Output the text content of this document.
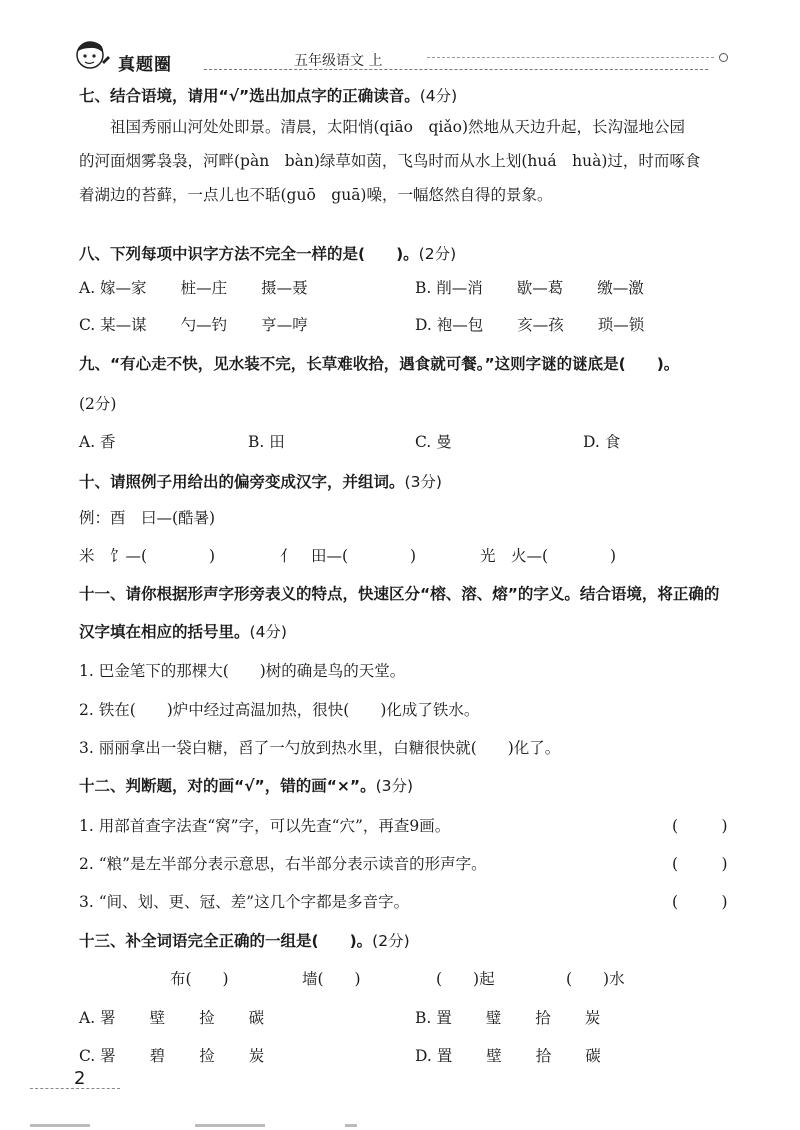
真题圈	五年级语文 上
七、结合语境，请用“√”选出加点字的正确读音。(4分)
　　祖国秀丽山河处处即景。清晨，太阳悄(qiāo　qiǎo)然地从天边升起，长沟湿地公园
的河面烟雾袅袅，河畔(pàn　bàn)绿草如茵，飞鸟时而从水上划(huá　huà)过，时而啄食
着湖边的苔藓，一点儿也不聒(guō　guā)噪，一幅悠然自得的景象。
八、下列每项中识字方法不完全一样的是(　　)。(2分)
A. 嫁—家 桩—庄 摄—聂	B. 削—消 歇—葛 缴—激
C. 某—谋 勺—钓 亨—哼	D. 袍—包 亥—孩 琐—锁
九、“有心走不快，见水装不完，长草难收拾，遇食就可餐。”这则字谜的谜底是(　　)。
(2分)
A. 香	B. 田	C. 曼	D. 食
十、请照例子用给出的偏旁变成汉字，并组词。(3分)
例：酉　曰—(酷暑)
米　饣—(　　　　)	亻　田—(　　　　)	光　火—(　　　　)
十一、请你根据形声字形旁表义的特点，快速区分“榕、溶、熔”的字义。结合语境，将正确的
汉字填在相应的括号里。(4分)
1. 巴金笔下的那棵大(　　)树的确是鸟的天堂。
2. 铁在(　　)炉中经过高温加热，很快(　　)化成了铁水。
3. 丽丽拿出一袋白糖，舀了一勺放到热水里，白糖很快就(　　)化了。
十二、判断题，对的画“√”，错的画“×”。(3分)
1. 用部首查字法查“窝”字，可以先查“穴”，再查9画。	(　)
2. “粮”是左半部分表示意思，右半部分表示读音的形声字。	(　)
3. “间、划、更、冠、差”这几个字都是多音字。	(　)
十三、补全词语完全正确的一组是(　　)。(2分)
布(　　)	墙(　　)	(　　)起	(　　)水
A. 署 壁 捡 碳	B. 置 璧 拾 炭
C. 署 碧 捡 炭	D. 置 壁 拾 碳
2
